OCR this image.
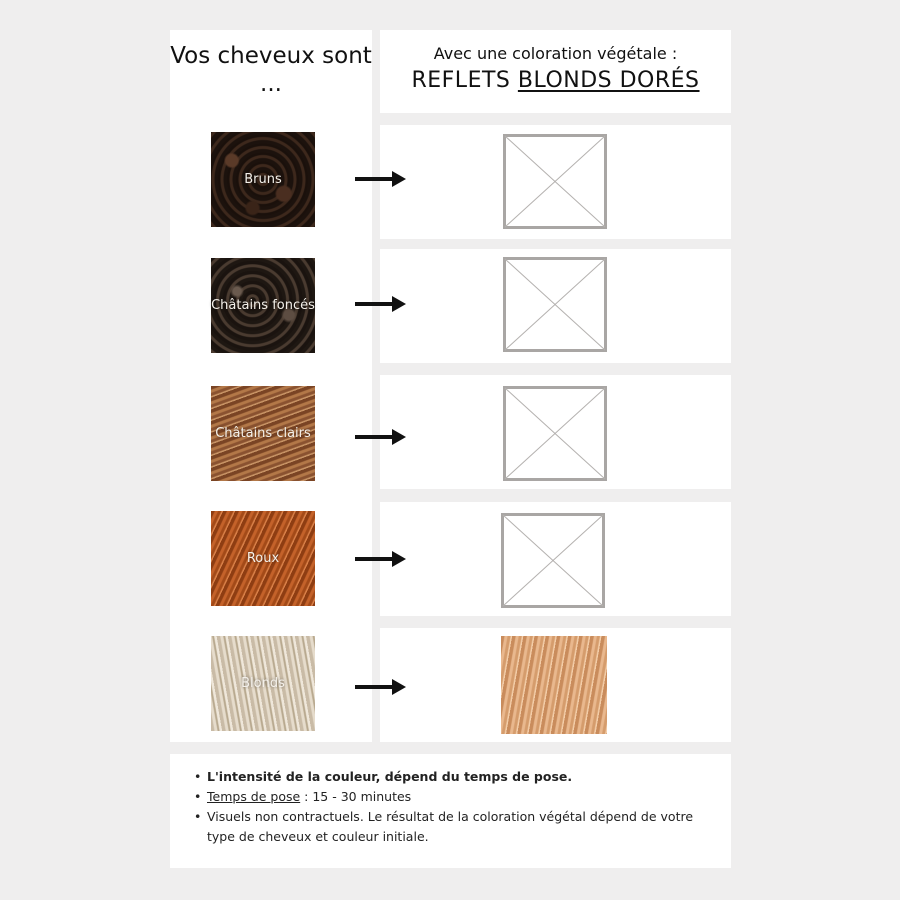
Vos cheveux sont ...
Avec une coloration végétale :
REFLETS BLONDS DORÉS
Bruns
Châtains foncés
Châtains clairs
Roux
Blonds
• L'intensité de la couleur, dépend du temps de pose.
• Temps de pose : 15 - 30 minutes
• Visuels non contractuels. Le résultat de la coloration végétal dépend de votre type de cheveux et couleur initiale.
